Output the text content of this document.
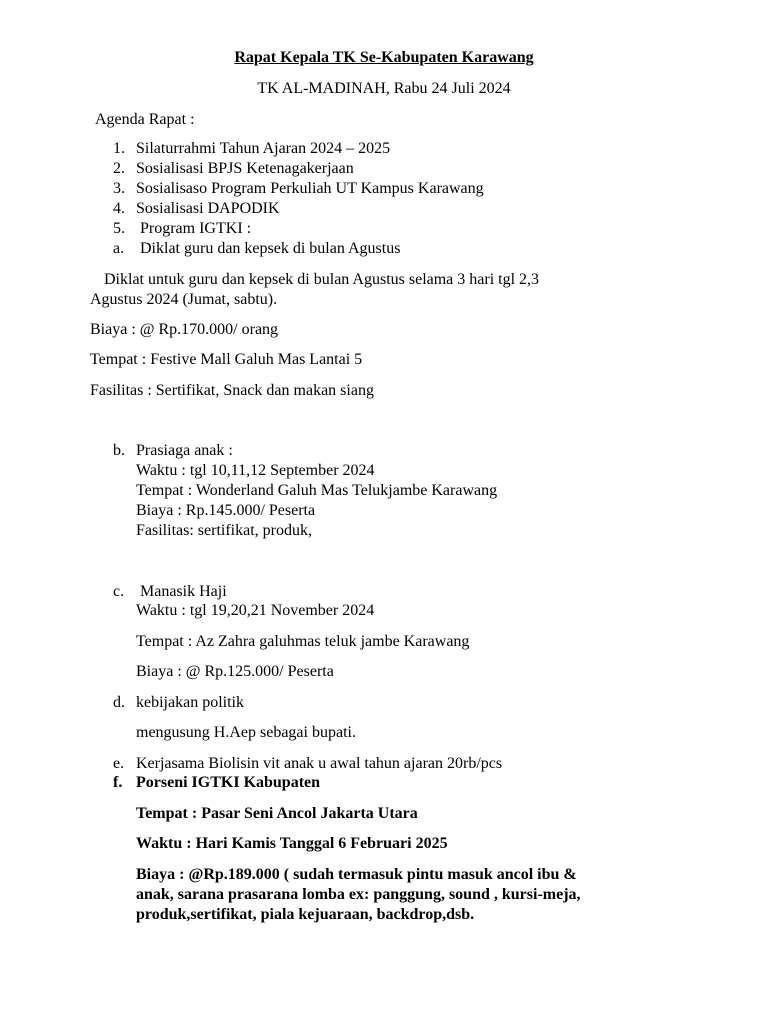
Rapat Kepala TK Se-Kabupaten Karawang
TK AL-MADINAH, Rabu 24 Juli 2024
Agenda Rapat :
1. Silaturrahmi Tahun Ajaran 2024 – 2025
2. Sosialisasi BPJS Ketenagakerjaan
3. Sosialisaso Program Perkuliah UT Kampus Karawang
4. Sosialisasi DAPODIK
5. Program IGTKI :
a. Diklat guru dan kepsek di bulan Agustus
Diklat untuk guru dan kepsek di bulan Agustus selama 3 hari tgl 2,3
Agustus 2024 (Jumat, sabtu).
Biaya : @ Rp.170.000/ orang
Tempat : Festive Mall Galuh Mas Lantai 5
Fasilitas : Sertifikat, Snack dan makan siang
b. Prasiaga anak :
Waktu : tgl 10,11,12 September 2024
Tempat : Wonderland Galuh Mas Telukjambe Karawang
Biaya : Rp.145.000/ Peserta
Fasilitas: sertifikat, produk,
c. Manasik Haji
Waktu : tgl 19,20,21 November 2024
Tempat : Az Zahra galuhmas teluk jambe Karawang
Biaya : @ Rp.125.000/ Peserta
d. kebijakan politik
mengusung H.Aep sebagai bupati.
e. Kerjasama Biolisin vit anak u awal tahun ajaran 20rb/pcs
f. Porseni IGTKI Kabupaten
Tempat : Pasar Seni Ancol Jakarta Utara
Waktu : Hari Kamis Tanggal 6 Februari 2025
Biaya : @Rp.189.000 ( sudah termasuk pintu masuk ancol ibu &
anak, sarana prasarana lomba ex: panggung, sound , kursi-meja,
produk,sertifikat, piala kejuaraan, backdrop,dsb.
